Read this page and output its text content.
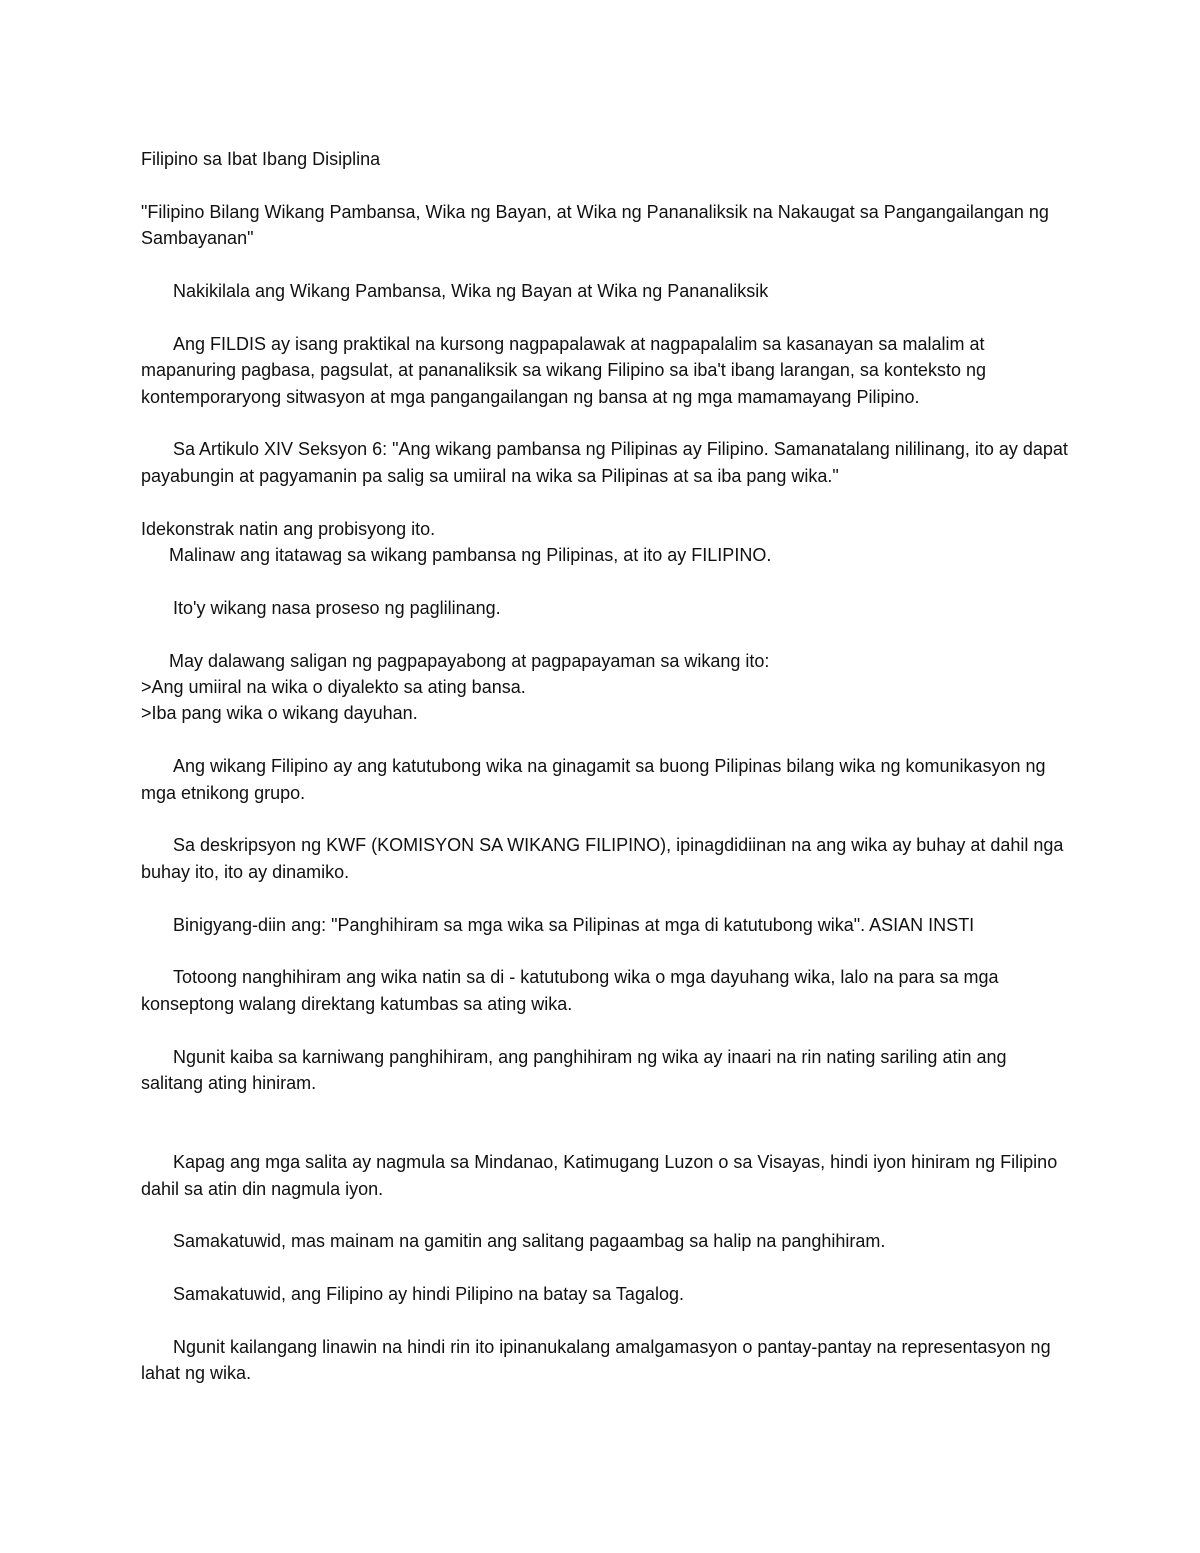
Filipino sa Ibat Ibang Disiplina

"Filipino Bilang Wikang Pambansa, Wika ng Bayan, at Wika ng Pananaliksik na Nakaugat sa Pangangailangan ng Sambayanan"

Nakikilala ang Wikang Pambansa, Wika ng Bayan at Wika ng Pananaliksik

Ang FILDIS ay isang praktikal na kursong nagpapalawak at nagpapalalim sa kasanayan sa malalim at mapanuring pagbasa, pagsulat, at pananaliksik sa wikang Filipino sa iba't ibang larangan, sa konteksto ng kontemporaryong sitwasyon at mga pangangailangan ng bansa at ng mga mamamayang Pilipino.

Sa Artikulo XIV Seksyon 6: "Ang wikang pambansa ng Pilipinas ay Filipino. Samanatalang nililinang, ito ay dapat payabungin at pagyamanin pa salig sa umiiral na wika sa Pilipinas at sa iba pang wika."

Idekonstrak natin ang probisyong ito.

Malinaw ang itatawag sa wikang pambansa ng Pilipinas, at ito ay FILIPINO.

Ito'y wikang nasa proseso ng paglilinang.

May dalawang saligan ng pagpapayabong at pagpapayaman sa wikang ito:

>Ang umiiral na wika o diyalekto sa ating bansa.

>Iba pang wika o wikang dayuhan.

Ang wikang Filipino ay ang katutubong wika na ginagamit sa buong Pilipinas bilang wika ng komunikasyon ng mga etnikong grupo.

Sa deskripsyon ng KWF (KOMISYON SA WIKANG FILIPINO), ipinagdidiinan na ang wika ay buhay at dahil nga buhay ito, ito ay dinamiko.

Binigyang-diin ang: "Panghihiram sa mga wika sa Pilipinas at mga di katutubong wika". ASIAN INSTI

Totoong nanghihiram ang wika natin sa di - katutubong wika o mga dayuhang wika, lalo na para sa mga konseptong walang direktang katumbas sa ating wika.

Ngunit kaiba sa karniwang panghihiram, ang panghihiram ng wika ay inaari na rin nating sariling atin ang salitang ating hiniram.

Kapag ang mga salita ay nagmula sa Mindanao, Katimugang Luzon o sa Visayas, hindi iyon hiniram ng Filipino dahil sa atin din nagmula iyon.

Samakatuwid, mas mainam na gamitin ang salitang pagaambag sa halip na panghihiram.

Samakatuwid, ang Filipino ay hindi Pilipino na batay sa Tagalog.

Ngunit kailangang linawin na hindi rin ito ipinanukalang amalgamasyon o pantay-pantay na representasyon ng lahat ng wika.
